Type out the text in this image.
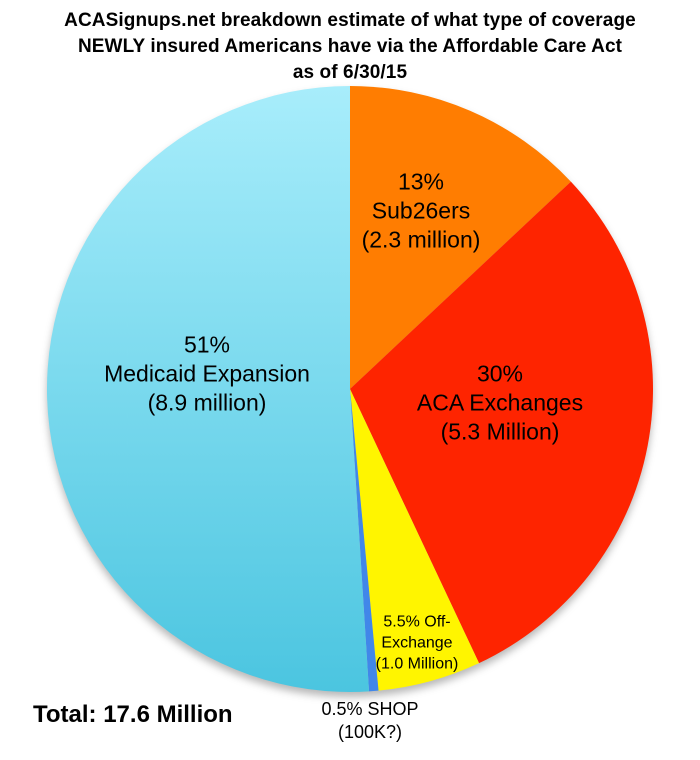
ACASignups.net breakdown estimate of what type of coverage
NEWLY insured Americans have via the Affordable Care Act
as of 6/30/15
13%
Sub26ers
(2.3 million)
30%
ACA Exchanges
(5.3 Million)
5.5% Off-
Exchange
(1.0 Million)
0.5% SHOP
(100K?)
51%
Medicaid Expansion
(8.9 million)
Total: 17.6 Million
